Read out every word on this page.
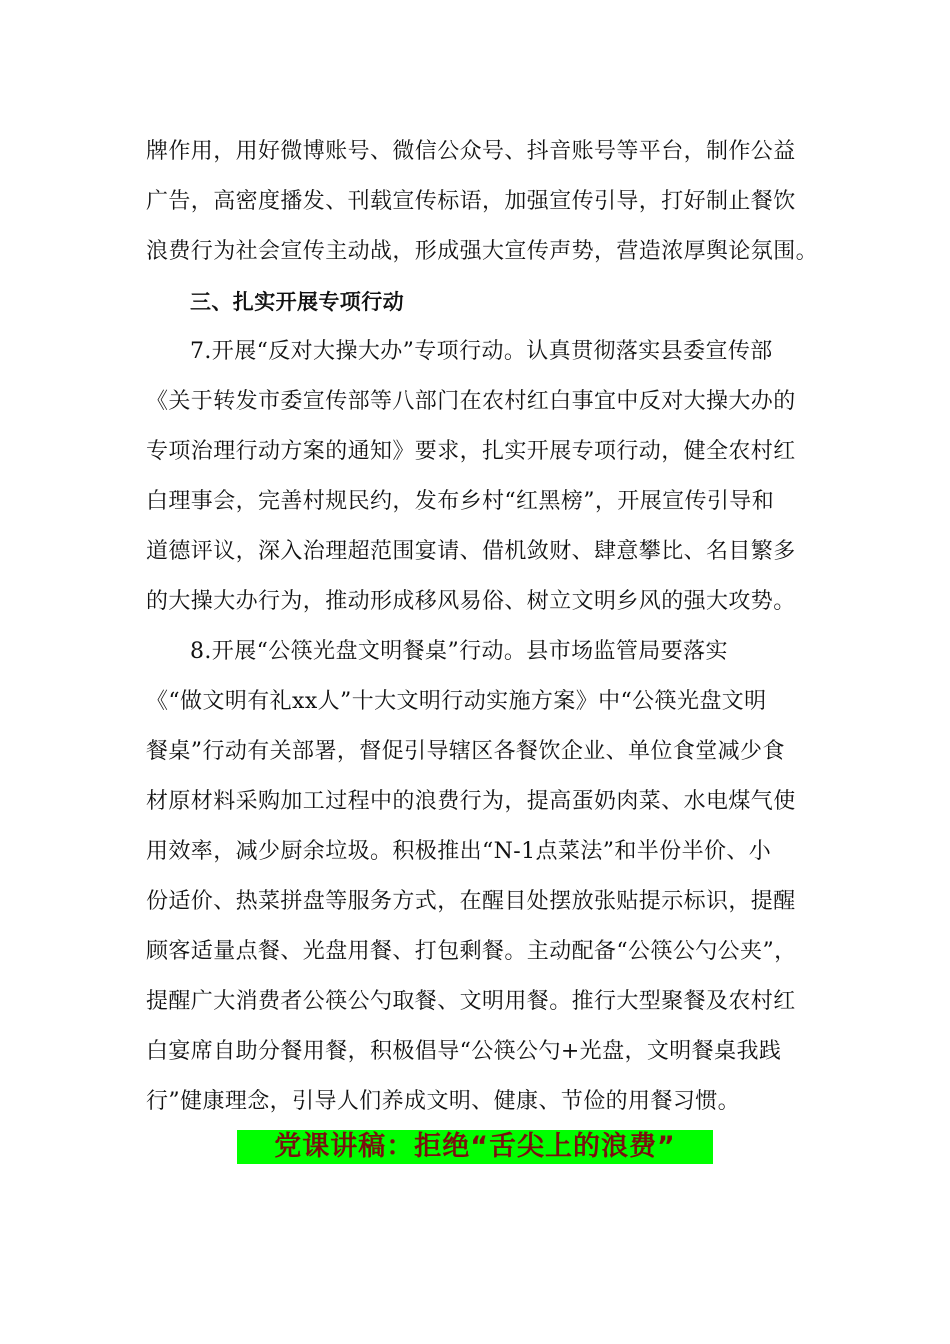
牌作用，用好微博账号、微信公众号、抖音账号等平台，制作公益
广告，高密度播发、刊载宣传标语，加强宣传引导，打好制止餐饮
浪费行为社会宣传主动战，形成强大宣传声势，营造浓厚舆论氛围。
三、扎实开展专项行动
7.开展“反对大操大办”专项行动。认真贯彻落实县委宣传部
《关于转发市委宣传部等八部门在农村红白事宜中反对大操大办的
专项治理行动方案的通知》要求，扎实开展专项行动，健全农村红
白理事会，完善村规民约，发布乡村“红黑榜”，开展宣传引导和
道德评议，深入治理超范围宴请、借机敛财、肆意攀比、名目繁多
的大操大办行为，推动形成移风易俗、树立文明乡风的强大攻势。
8.开展“公筷光盘文明餐桌”行动。县市场监管局要落实
《“做文明有礼xx人”十大文明行动实施方案》中“公筷光盘文明
餐桌”行动有关部署，督促引导辖区各餐饮企业、单位食堂减少食
材原材料采购加工过程中的浪费行为，提高蛋奶肉菜、水电煤气使
用效率，减少厨余垃圾。积极推出“N-1点菜法”和半份半价、小
份适价、热菜拼盘等服务方式，在醒目处摆放张贴提示标识，提醒
顾客适量点餐、光盘用餐、打包剩餐。主动配备“公筷公勺公夹”，
提醒广大消费者公筷公勺取餐、文明用餐。推行大型聚餐及农村红
白宴席自助分餐用餐，积极倡导“公筷公勺+光盘，文明餐桌我践
行”健康理念，引导人们养成文明、健康、节俭的用餐习惯。
党课讲稿：拒绝“舌尖上的浪费”
